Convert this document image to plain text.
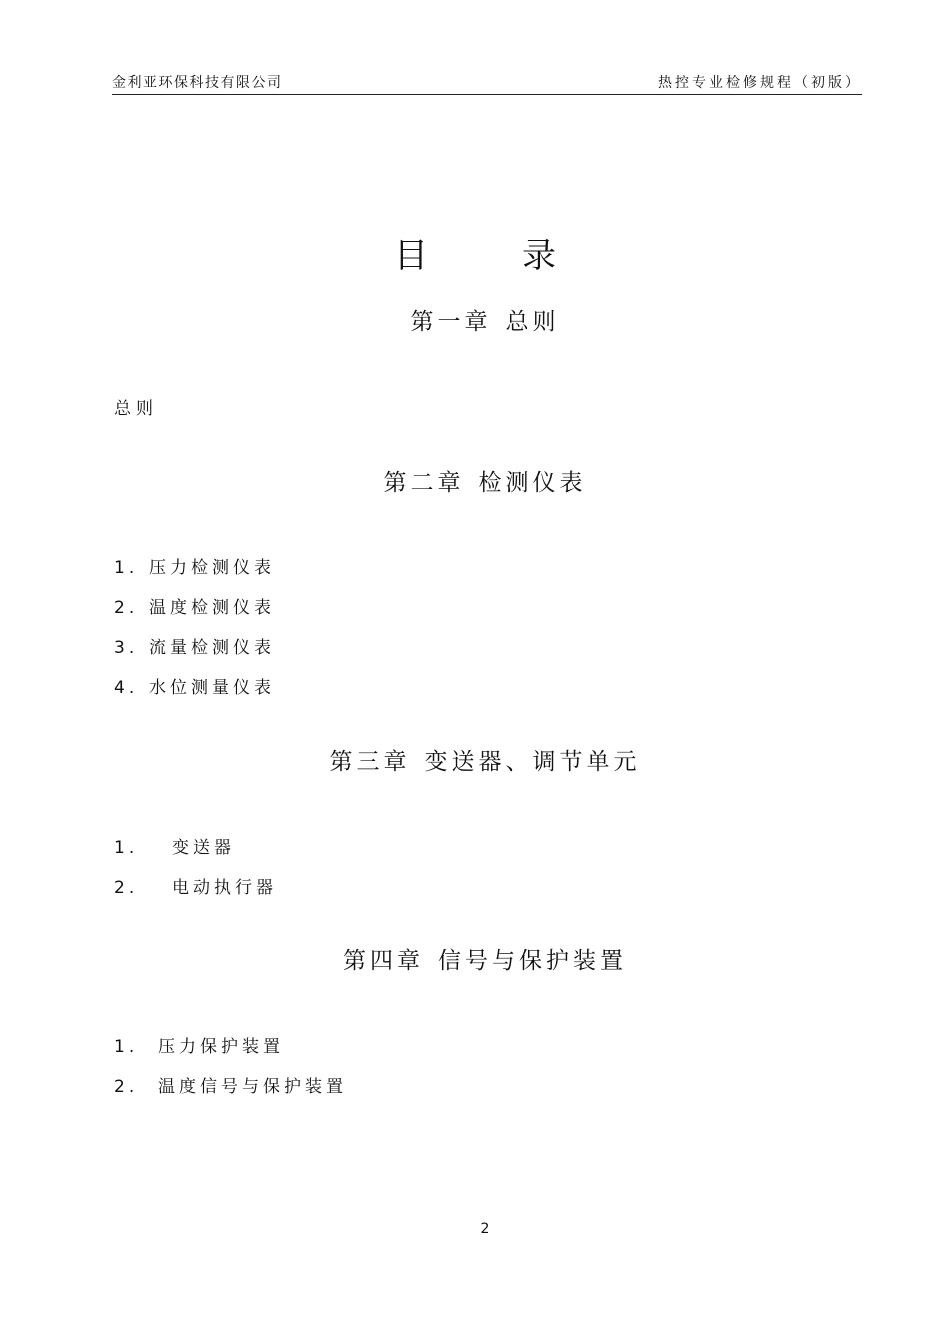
金利亚环保科技有限公司	热控专业检修规程（初版）
目	录
第一章 总则
总则
第二章 检测仪表
1. 压力检测仪表
2. 温度检测仪表
3. 流量检测仪表
4. 水位测量仪表
第三章 变送器、调节单元
1. 变送器
2. 电动执行器
第四章 信号与保护装置
1. 压力保护装置
2. 温度信号与保护装置
2
